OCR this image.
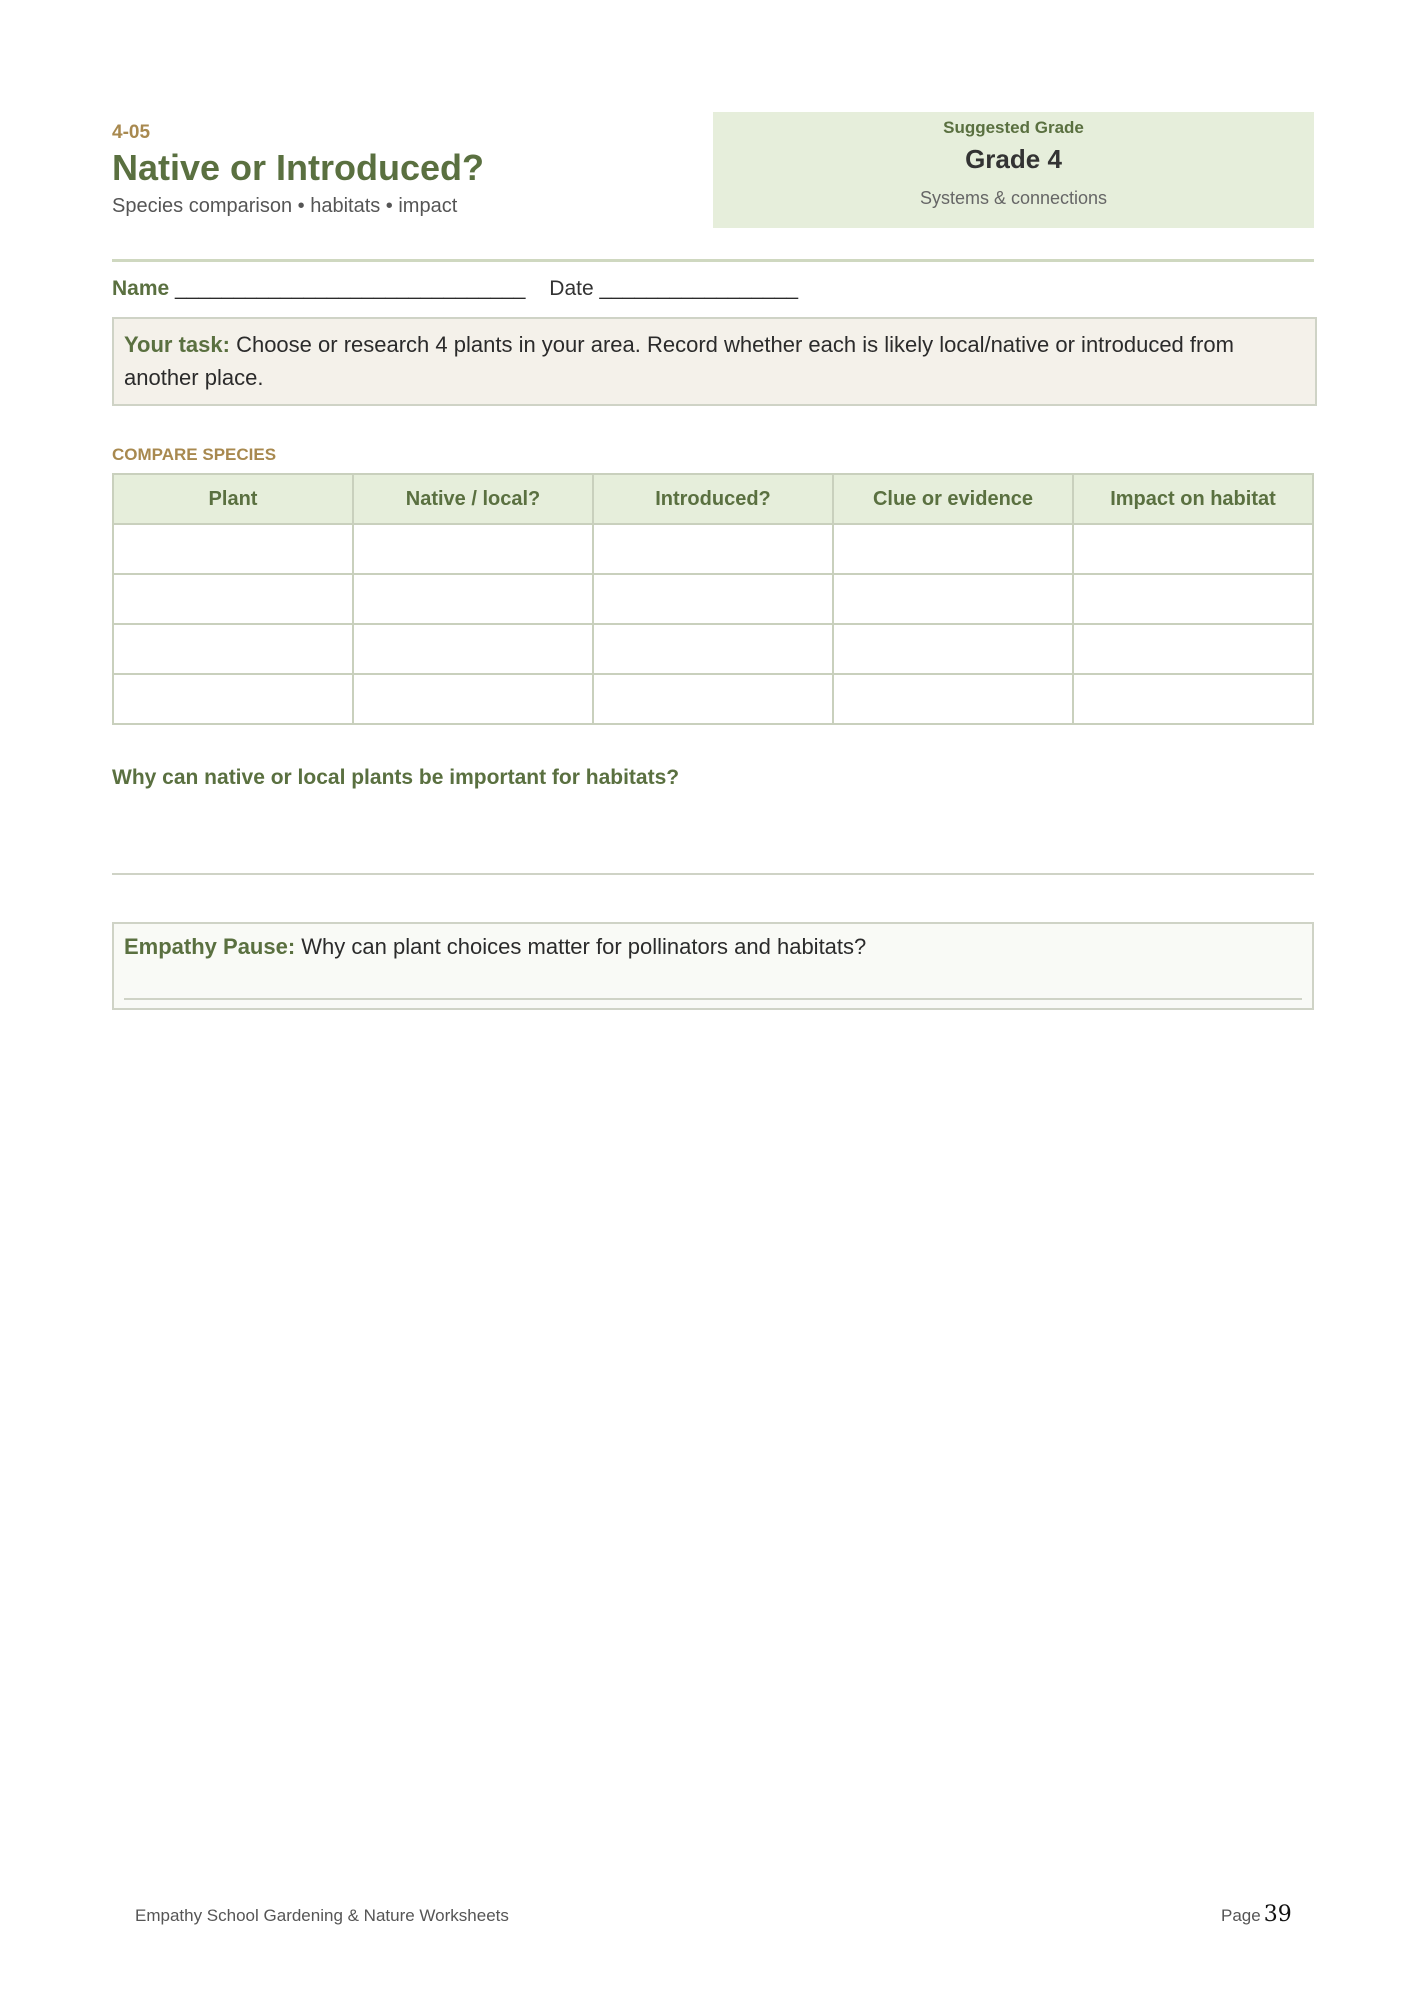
4-05
Native or Introduced?
Species comparison • habitats • impact
Suggested Grade
Grade 4
Systems & connections
Name ______________________________ Date _________________
Your task: Choose or research 4 plants in your area. Record whether each is likely local/native or introduced from another place.
COMPARE SPECIES
Plant	Native / local?	Introduced?	Clue or evidence	Impact on habitat

Why can native or local plants be important for habitats?
Empathy Pause: Why can plant choices matter for pollinators and habitats?
Empathy School Gardening & Nature Worksheets	Page 39
